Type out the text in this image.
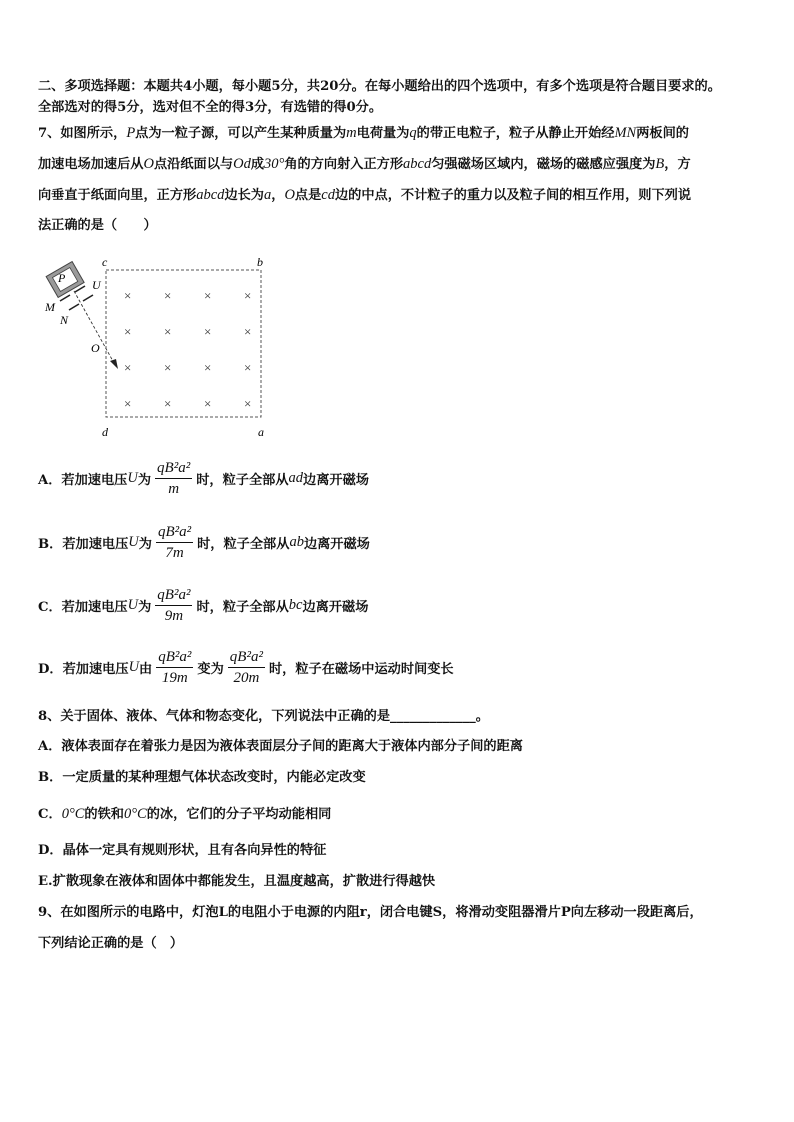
二、多项选择题：本题共4小题，每小题5分，共20分。在每小题给出的四个选项中，有多个选项是符合题目要求的。
全部选对的得5分，选对但不全的得3分，有选错的得0分。
7、如图所示，P点为一粒子源，可以产生某种质量为m电荷量为q的带正电粒子，粒子从静止开始经MN两板间的
加速电场加速后从O点沿纸面以与Od成30°角的方向射入正方形abcd匀强磁场区域内，磁场的磁感应强度为B，方
向垂直于纸面向里，正方形abcd边长为a，O点是cd边的中点，不计粒子的重力以及粒子间的相互作用，则下列说
法正确的是（　　）
c	b
d	a
P U
M
N
O
×	×	×	×
×	×	×	×
×	×	×	×
×	×	×	×
A．若加速电压 U 为 $\frac{\text{qB²a²}}{m}$ 时，粒子全部从 ad 边离开磁场
B．若加速电压 U 为 $\frac{\text{qB²a²}}{7m}$ 时，粒子全部从 ab 边离开磁场
C．若加速电压 U 为 $\frac{\text{qB²a²}}{9m}$ 时，粒子全部从 bc 边离开磁场
D．若加速电压 U 由 $\frac{\text{qB²a²}}{19m}$ 变为 $\frac{\text{qB²a²}}{20m}$ 时，粒子在磁场中运动时间变长
8、关于固体、液体、气体和物态变化，下列说法中正确的是_____________。
A．液体表面存在着张力是因为液体表面层分子间的距离大于液体内部分子间的距离
B．一定质量的某种理想气体状态改变时，内能必定改变
C．0°C的铁和0°C的冰，它们的分子平均动能相同
D．晶体一定具有规则形状，且有各向异性的特征
E.扩散现象在液体和固体中都能发生，且温度越高，扩散进行得越快
9、在如图所示的电路中，灯泡L的电阻小于电源的内阻r，闭合电键S，将滑动变阻器滑片P向左移动一段距离后，
下列结论正确的是（　）
